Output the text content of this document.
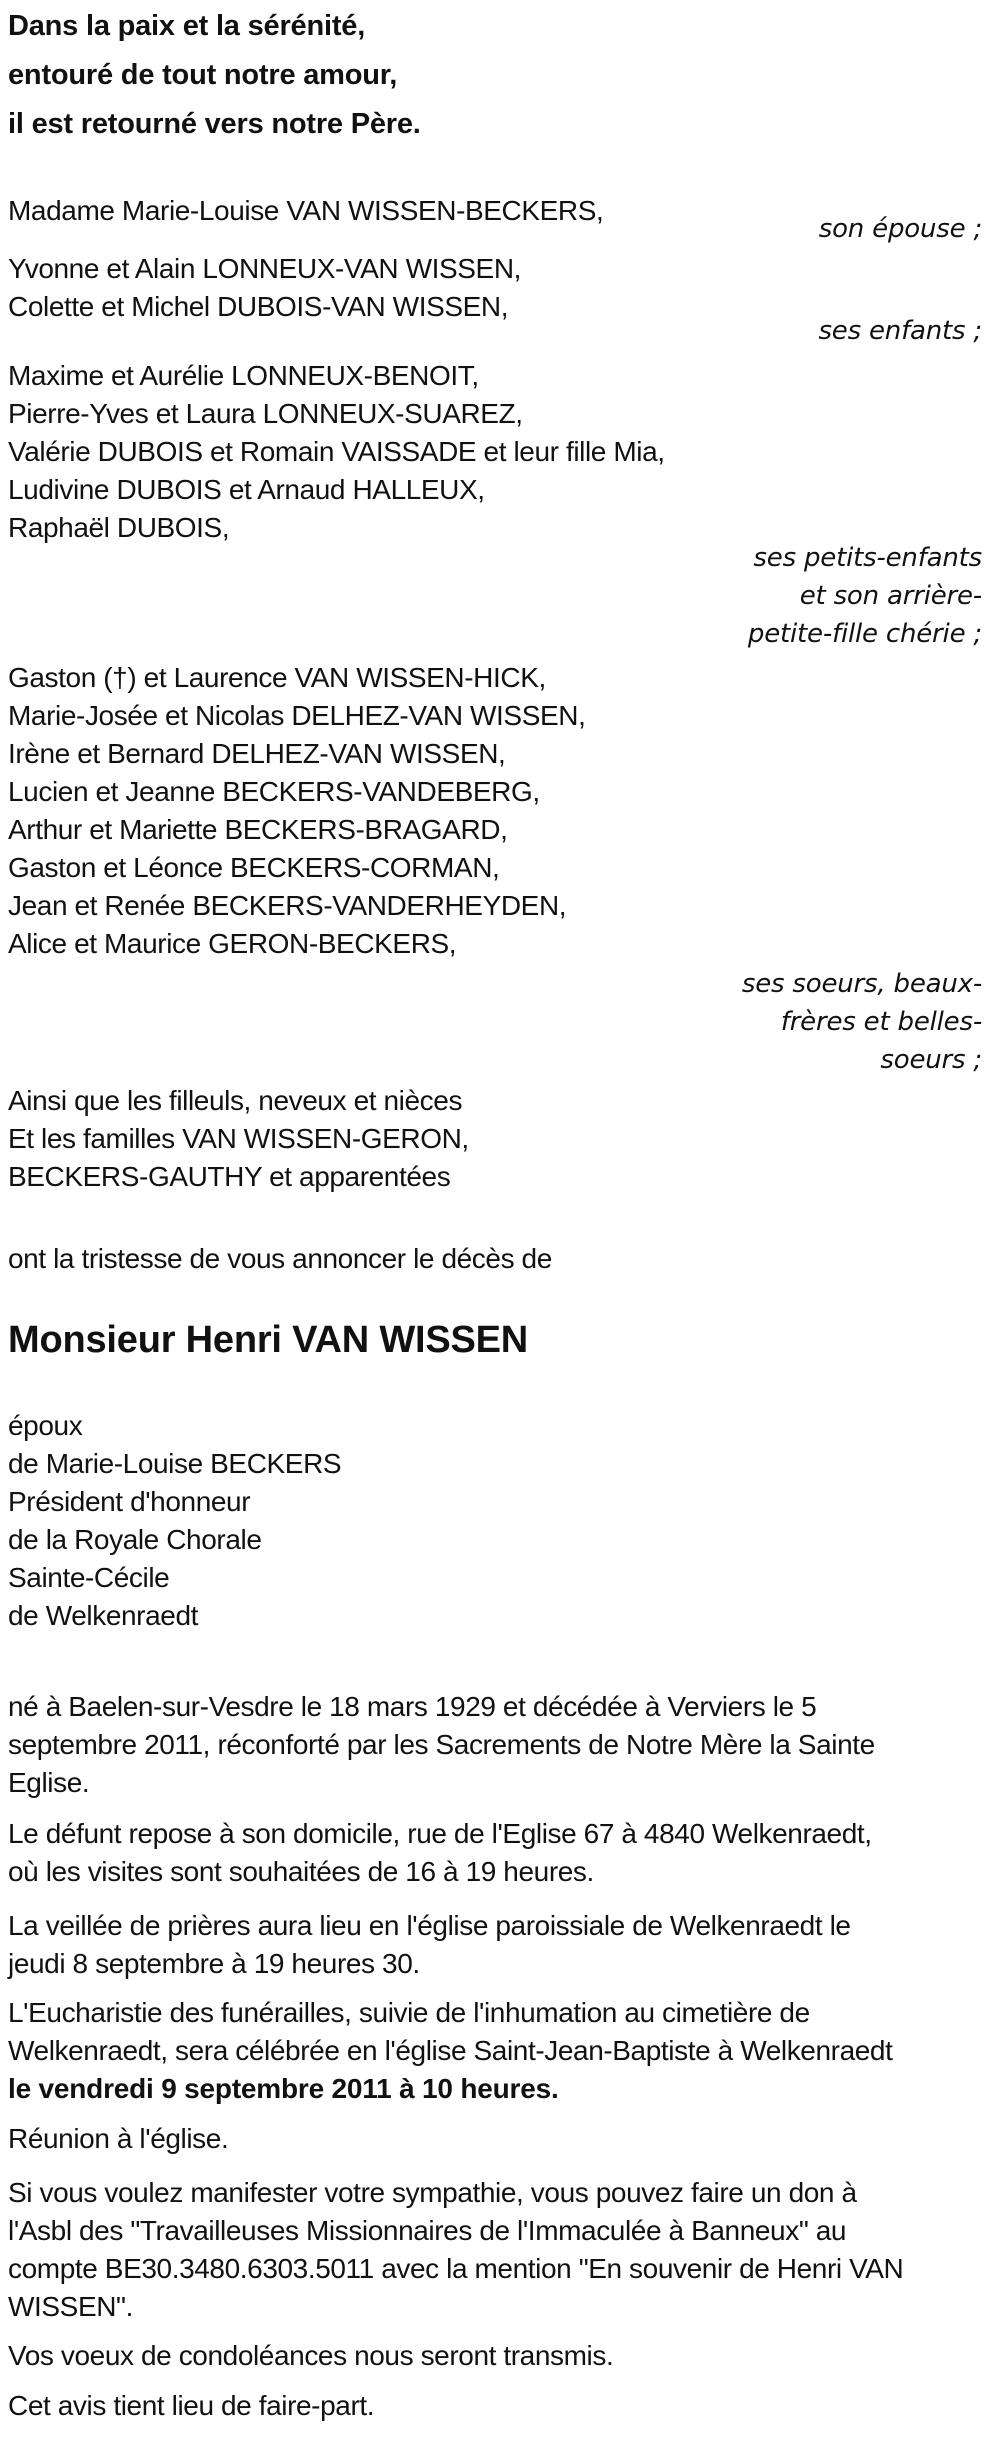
Dans la paix et la sérénité,
entouré de tout notre amour,
il est retourné vers notre Père.
Madame Marie-Louise VAN WISSEN-BECKERS,
son épouse ;
Yvonne et Alain LONNEUX-VAN WISSEN,
Colette et Michel DUBOIS-VAN WISSEN,
ses enfants ;
Maxime et Aurélie LONNEUX-BENOIT,
Pierre-Yves et Laura LONNEUX-SUAREZ,
Valérie DUBOIS et Romain VAISSADE et leur fille Mia,
Ludivine DUBOIS et Arnaud HALLEUX,
Raphaël DUBOIS,
ses petits-enfants
et son arrière-
petite-fille chérie ;
Gaston (†) et Laurence VAN WISSEN-HICK,
Marie-Josée et Nicolas DELHEZ-VAN WISSEN,
Irène et Bernard DELHEZ-VAN WISSEN,
Lucien et Jeanne BECKERS-VANDEBERG,
Arthur et Mariette BECKERS-BRAGARD,
Gaston et Léonce BECKERS-CORMAN,
Jean et Renée BECKERS-VANDERHEYDEN,
Alice et Maurice GERON-BECKERS,
ses soeurs, beaux-
frères et belles-
soeurs ;
Ainsi que les filleuls, neveux et nièces
Et les familles VAN WISSEN-GERON,
BECKERS-GAUTHY et apparentées
ont la tristesse de vous annoncer le décès de
Monsieur Henri VAN WISSEN
époux
de Marie-Louise BECKERS
Président d'honneur
de la Royale Chorale
Sainte-Cécile
de Welkenraedt
né à Baelen-sur-Vesdre le 18 mars 1929 et décédée à Verviers le 5
septembre 2011, réconforté par les Sacrements de Notre Mère la Sainte
Eglise.
Le défunt repose à son domicile, rue de l'Eglise 67 à 4840 Welkenraedt,
où les visites sont souhaitées de 16 à 19 heures.
La veillée de prières aura lieu en l'église paroissiale de Welkenraedt le
jeudi 8 septembre à 19 heures 30.
L'Eucharistie des funérailles, suivie de l'inhumation au cimetière de
Welkenraedt, sera célébrée en l'église Saint-Jean-Baptiste à Welkenraedt
le vendredi 9 septembre 2011 à 10 heures.
Réunion à l'église.
Si vous voulez manifester votre sympathie, vous pouvez faire un don à
l'Asbl des "Travailleuses Missionnaires de l'Immaculée à Banneux" au
compte BE30.3480.6303.5011 avec la mention "En souvenir de Henri VAN
WISSEN".
Vos voeux de condoléances nous seront transmis.
Cet avis tient lieu de faire-part.
